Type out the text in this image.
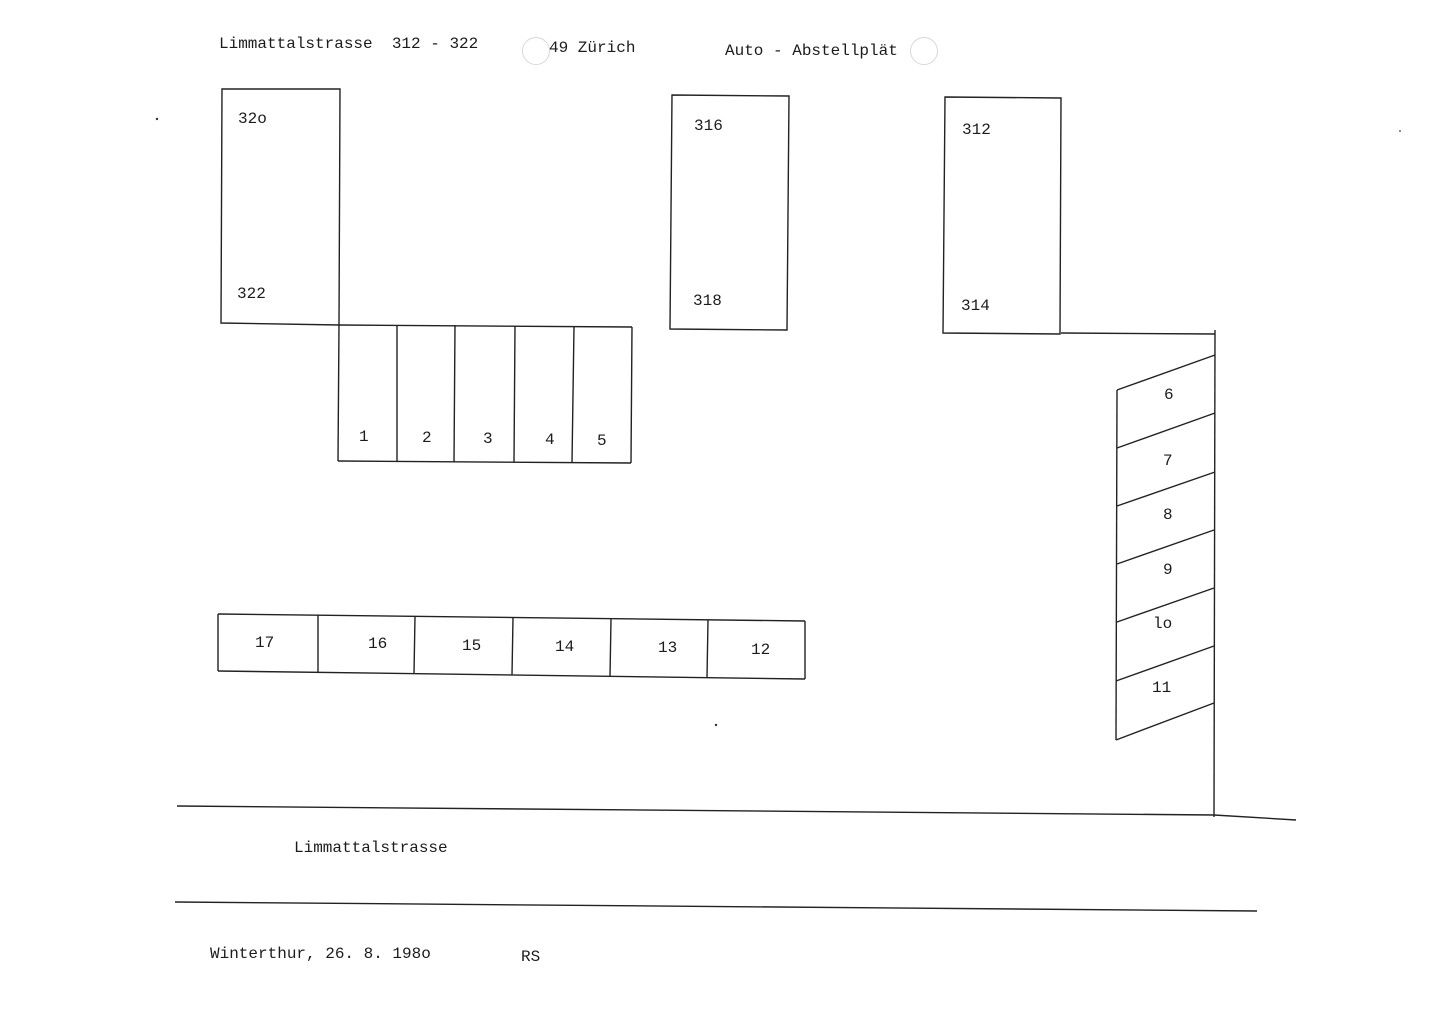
Limmattalstrasse  312 - 322	49 Zürich	Auto - Abstellplät
32o
322
316
318
312
314
1	2	3	4	5
6
7
8
9
lo
11
17	16	15	14	13	12
Limmattalstrasse
Winterthur, 26. 8. 198o	RS
